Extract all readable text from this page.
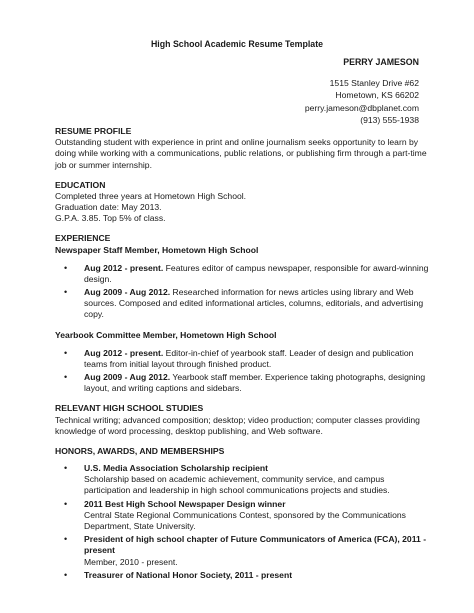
High School Academic Resume Template
PERRY JAMESON
1515 Stanley Drive #62
Hometown, KS 66202
perry.jameson@dbplanet.com
(913) 555-1938
RESUME PROFILE

Outstanding student with experience in print and online journalism seeks opportunity to learn by doing while working with a communications, public relations, or publishing firm through a part-time job or summer internship.

EDUCATION
Completed three years at Hometown High School.
Graduation date: May 2013.
G.P.A. 3.85. Top 5% of class.
EXPERIENCE
Newspaper Staff Member, Hometown High School
• Aug 2012 - present. Features editor of campus newspaper, responsible for award-winning design.
• Aug 2009 - Aug 2012. Researched information for news articles using library and Web sources. Composed and edited informational articles, columns, editorials, and advertising copy.
Yearbook Committee Member, Hometown High School
• Aug 2012 - present. Editor-in-chief of yearbook staff. Leader of design and publication teams from initial layout through finished product.
• Aug 2009 - Aug 2012. Yearbook staff member. Experience taking photographs, designing layout, and writing captions and sidebars.
RELEVANT HIGH SCHOOL STUDIES

Technical writing; advanced composition; desktop; video production; computer classes providing knowledge of word processing, desktop publishing, and Web software.

HONORS, AWARDS, AND MEMBERSHIPS
• U.S. Media Association Scholarship recipient
Scholarship based on academic achievement, community service, and campus participation and leadership in high school communications projects and studies.
• 2011 Best High School Newspaper Design winner
Central State Regional Communications Contest, sponsored by the Communications Department, State University.
• President of high school chapter of Future Communicators of America (FCA), 2011 - present
Member, 2010 - present.
• Treasurer of National Honor Society, 2011 - present
